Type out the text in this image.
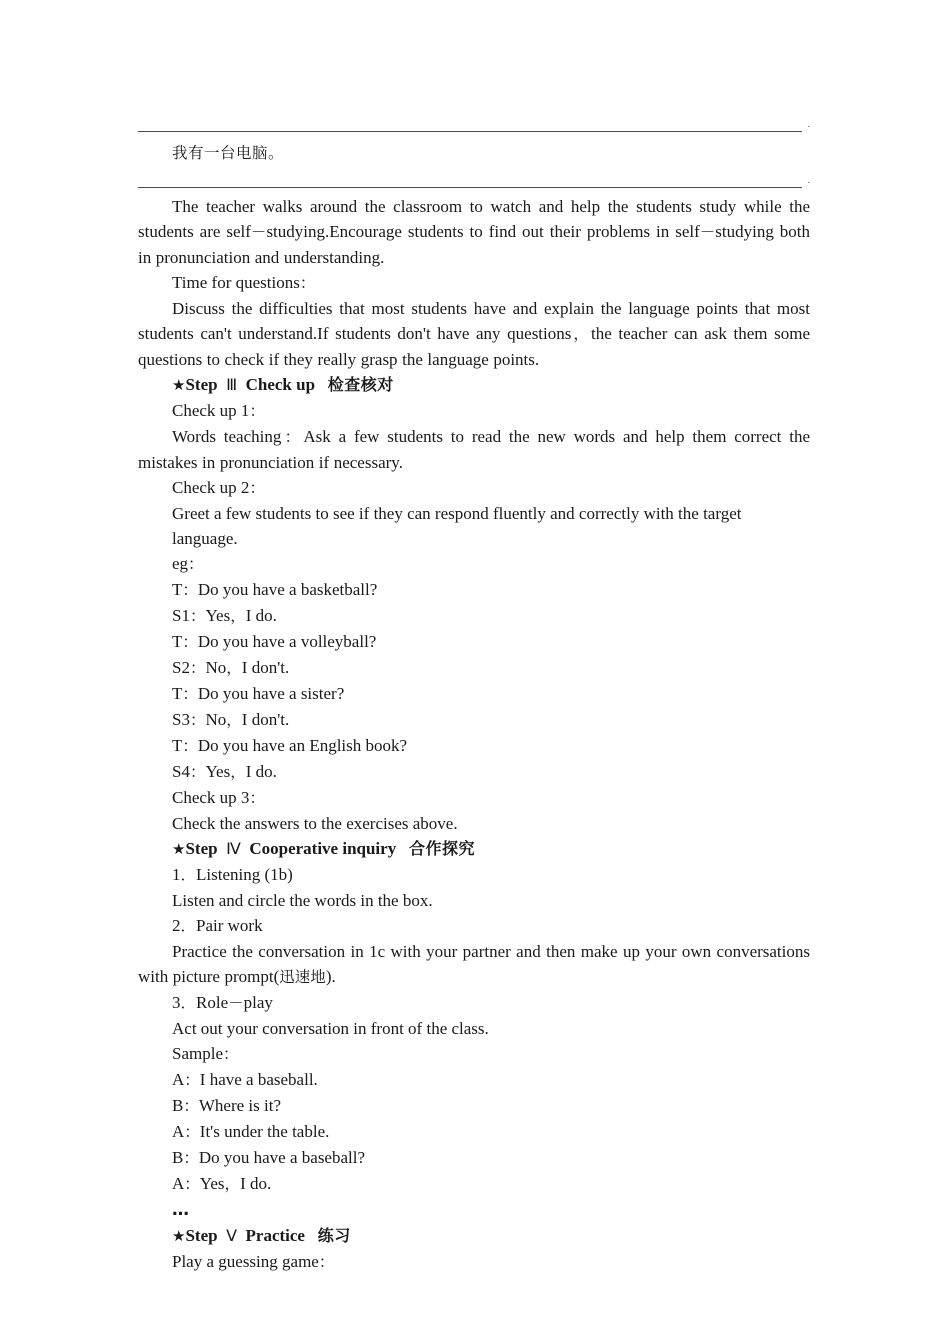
.
我有一台电脑。
.

The teacher walks around the classroom to watch and help the students study while the students are self－studying.Encourage students to find out their problems in self－studying both in pronunciation and understanding.

Time for questions：

Discuss the difficulties that most students have and explain the language points that most students can't understand.If students don't have any questions，the teacher can ask them some questions to check if they really grasp the language points.

★Step Ⅲ Check up 检查核对

Check up 1：

Words teaching：Ask a few students to read the new words and help them correct the mistakes in pronunciation if necessary.

Check up 2：

Greet a few students to see if they can respond fluently and correctly with the target language.

eg：

T：Do you have a basketball?

S1：Yes，I do.

T：Do you have a volleyball?

S2：No，I don't.

T：Do you have a sister?

S3：No，I don't.

T：Do you have an English book?

S4：Yes，I do.

Check up 3：

Check the answers to the exercises above.

★Step Ⅳ Cooperative inquiry 合作探究

1．Listening (1b)

Listen and circle the words in the box.

2．Pair work

Practice the conversation in 1c with your partner and then make up your own conversations with picture prompt(迅速地).

3．Role－play

Act out your conversation in front of the class.

Sample：

A：I have a baseball.

B：Where is it?

A：It's under the table.

B：Do you have a baseball?

A：Yes，I do.

…

★Step Ⅴ Practice 练习

Play a guessing game：
